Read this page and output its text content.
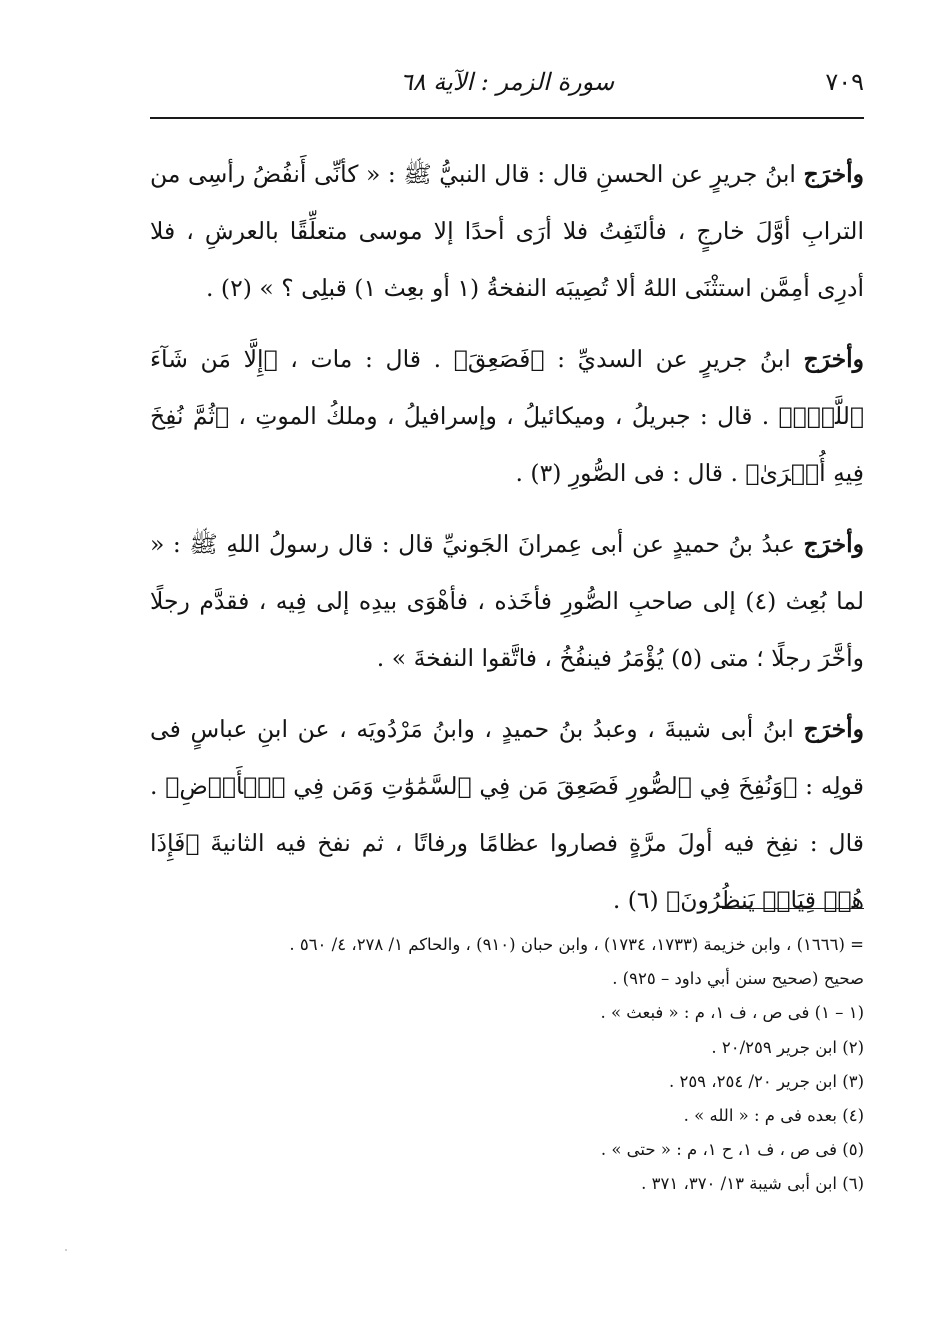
٧٠٩
سورة الزمر : الآية ٦٨

وأخرَج ابنُ جريرٍ عن الحسنِ قال : قال النبيُّ ﷺ : « كأنِّى أَنفُضُ رأسِى من الترابِ أوَّلَ خارجٍ ، فألتَفِتُ فلا أرَى أحدًا إلا موسى متعلِّقًا بالعرشِ ، فلا أدرِى أمِمَّن استثْنَى اللهُ ألا تُصِيبَه النفخةُ (١ أو بعِث ١) قبلِى ؟ » (٢) .

وأخرَج ابنُ جريرٍ عن السديِّ : ﴿فَصَعِقَ﴾ . قال : مات ، ﴿إِلَّا مَن شَآءَ ٱللَّهُۖ﴾ . قال : جبريلُ ، وميكائيلُ ، وإسرافيلُ ، وملكُ الموتِ ، ﴿ثُمَّ نُفِخَ فِيهِ أُخۡرَىٰ﴾ . قال : فى الصُّورِ (٣) .

وأخرَج عبدُ بنُ حميدٍ عن أبى عِمرانَ الجَونيِّ قال : قال رسولُ اللهِ ﷺ : « لما بُعِث (٤) إلى صاحبِ الصُّورِ فأخَذه ، فأهْوَى بيدِه إلى فِيه ، فقدَّم رجلًا وأخَّرَ رجلًا ؛ متى (٥) يُؤْمَرُ فينفُخُ ، فاتَّقوا النفخةَ » .

وأخرَج ابنُ أبى شيبةَ ، وعبدُ بنُ حميدٍ ، وابنُ مَرْدُويَه ، عن ابنِ عباسٍ فى قولِه : ﴿وَنُفِخَ فِي ٱلصُّورِ فَصَعِقَ مَن فِي ٱلسَّمَٰوَٰتِ وَمَن فِي ٱلۡأَرۡضِ﴾ . قال : نفِخ فيه أولَ مرَّةٍ فصاروا عظامًا ورفاتًا ، ثم نفخ فيه الثانيةَ ﴿فَإِذَا هُمۡ قِيَامٞ يَنظُرُونَ﴾ (٦) .

= (١٦٦٦) ، وابن خزيمة (١٧٣٣، ١٧٣٤) ، وابن حبان (٩١٠) ، والحاكم ١/ ٢٧٨، ٤/ ٥٦٠ .
صحيح (صحيح سنن أبي داود – ٩٢٥) .
(١ – ١) فى ص ، ف ١، م : « فبعث » .
(٢) ابن جرير ٢٠/٢٥٩ .
(٣) ابن جرير ٢٠/ ٢٥٤، ٢٥٩ .
(٤) بعده فى م : « الله » .
(٥) فى ص ، ف ١، ح ١، م : « حتى » .
(٦) ابن أبى شيبة ١٣/ ٣٧٠، ٣٧١ .
